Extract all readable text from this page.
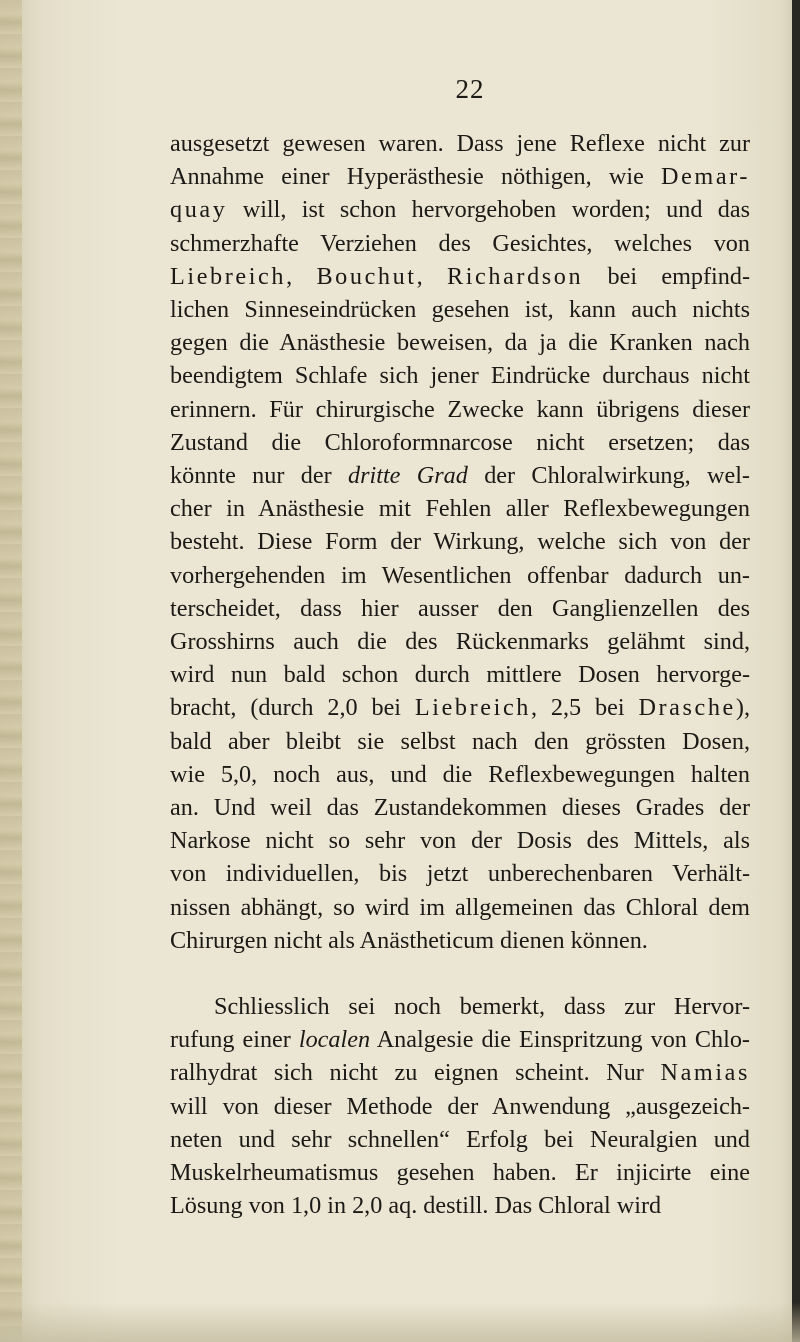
22
ausgesetzt gewesen waren. Dass jene Reflexe nicht zur
Annahme einer Hyperästhesie nöthigen, wie Demar-
quay will, ist schon hervorgehoben worden; und das
schmerzhafte Verziehen des Gesichtes, welches von
Liebreich, Bouchut, Richardson bei empfind-
lichen Sinneseindrücken gesehen ist, kann auch nichts
gegen die Anästhesie beweisen, da ja die Kranken nach
beendigtem Schlafe sich jener Eindrücke durchaus nicht
erinnern. Für chirurgische Zwecke kann übrigens dieser
Zustand die Chloroformnarcose nicht ersetzen; das
könnte nur der dritte Grad der Chloralwirkung, wel-
cher in Anästhesie mit Fehlen aller Reflexbewegungen
besteht. Diese Form der Wirkung, welche sich von der
vorhergehenden im Wesentlichen offenbar dadurch un-
terscheidet, dass hier ausser den Ganglienzellen des
Grosshirns auch die des Rückenmarks gelähmt sind,
wird nun bald schon durch mittlere Dosen hervorge-
bracht, (durch 2,0 bei Liebreich, 2,5 bei Drasche),
bald aber bleibt sie selbst nach den grössten Dosen,
wie 5,0, noch aus, und die Reflexbewegungen halten
an. Und weil das Zustandekommen dieses Grades der
Narkose nicht so sehr von der Dosis des Mittels, als
von individuellen, bis jetzt unberechenbaren Verhält-
nissen abhängt, so wird im allgemeinen das Chloral dem
Chirurgen nicht als Anästheticum dienen können.
Schliesslich sei noch bemerkt, dass zur Hervor-
rufung einer localen Analgesie die Einspritzung von Chlo-
ralhydrat sich nicht zu eignen scheint. Nur Namias
will von dieser Methode der Anwendung „ausgezeich-
neten und sehr schnellen“ Erfolg bei Neuralgien und
Muskelrheumatismus gesehen haben. Er injicirte eine
Lösung von 1,0 in 2,0 aq. destill. Das Chloral wird
